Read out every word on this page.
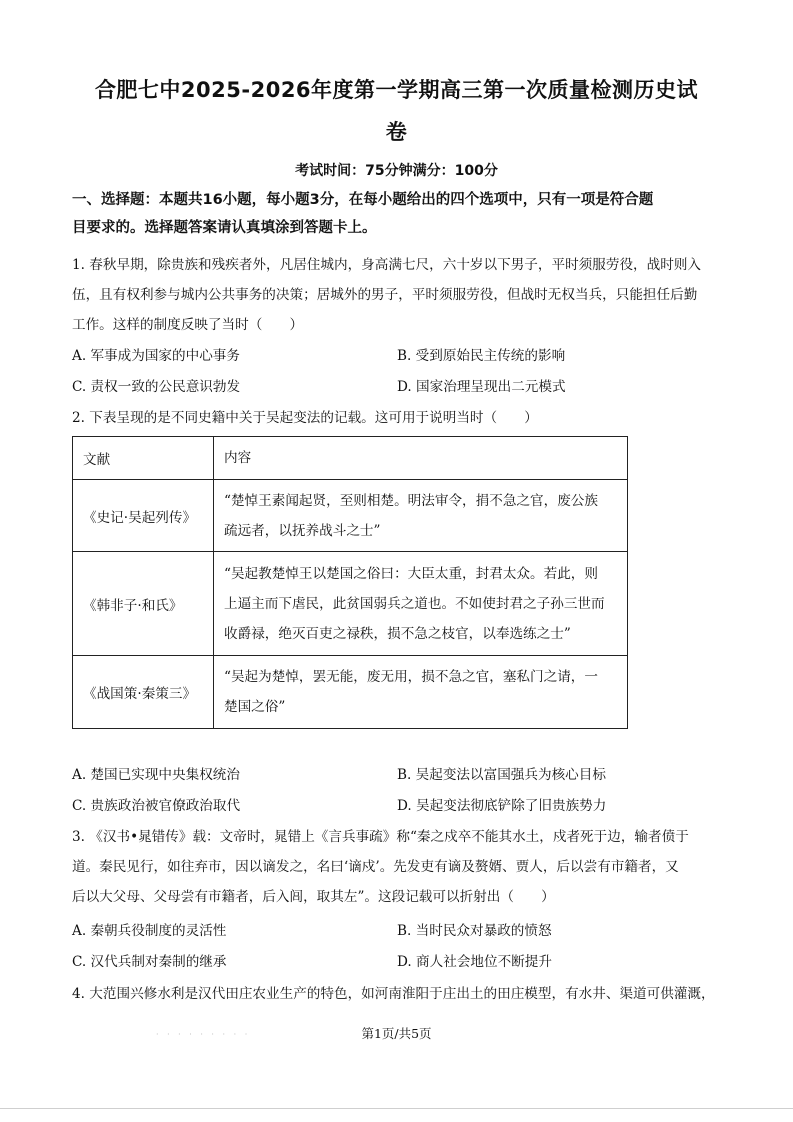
合肥七中2025-2026年度第一学期高三第一次质量检测历史试
卷
考试时间：75分钟满分：100分
一、选择题：本题共16小题，每小题3分，在每小题给出的四个选项中，只有一项是符合题
目要求的。选择题答案请认真填涂到答题卡上。
1. 春秋早期，除贵族和残疾者外，凡居住城内，身高满七尺，六十岁以下男子，平时须服劳役，战时则入
伍，且有权利参与城内公共事务的决策；居城外的男子，平时须服劳役，但战时无权当兵，只能担任后勤
工作。这样的制度反映了当时（　　）
A. 军事成为国家的中心事务	B. 受到原始民主传统的影响
C. 责权一致的公民意识勃发	D. 国家治理呈现出二元模式
2. 下表呈现的是不同史籍中关于吴起变法的记载。这可用于说明当时（　　）
文献	内容
《史记·吴起列传》	“楚悼王素闻起贤，至则相楚。明法审令，捐不急之官，废公族
疏远者，以抚养战斗之士”

《韩非子·和氏》	“吴起教楚悼王以楚国之俗曰：大臣太重，封君太众。若此，则
上逼主而下虐民，此贫国弱兵之道也。不如使封君之子孙三世而
收爵禄，绝灭百吏之禄秩，损不急之枝官，以奉选练之士”

《战国策·秦策三》	“吴起为楚悼，罢无能，废无用，损不急之官，塞私门之请，一
楚国之俗”
A. 楚国已实现中央集权统治	B. 吴起变法以富国强兵为核心目标
C. 贵族政治被官僚政治取代	D. 吴起变法彻底铲除了旧贵族势力
3. 《汉书•晁错传》载：文帝时，晁错上《言兵事疏》称“秦之戍卒不能其水土，戍者死于边，输者偾于
道。秦民见行，如往弃市，因以谪发之，名曰‘谪戍’。先发吏有谪及赘婿、贾人，后以尝有市籍者，又
后以大父母、父母尝有市籍者，后入闾，取其左”。这段记载可以折射出（　　）
A. 秦朝兵役制度的灵活性	B. 当时民众对暴政的愤怒
C. 汉代兵制对秦制的继承	D. 商人社会地位不断提升
4. 大范围兴修水利是汉代田庄农业生产的特色，如河南淮阳于庄出土的田庄模型，有水井、渠道可供灌溉，
· · · · · · · · ·	第1页/共5页
